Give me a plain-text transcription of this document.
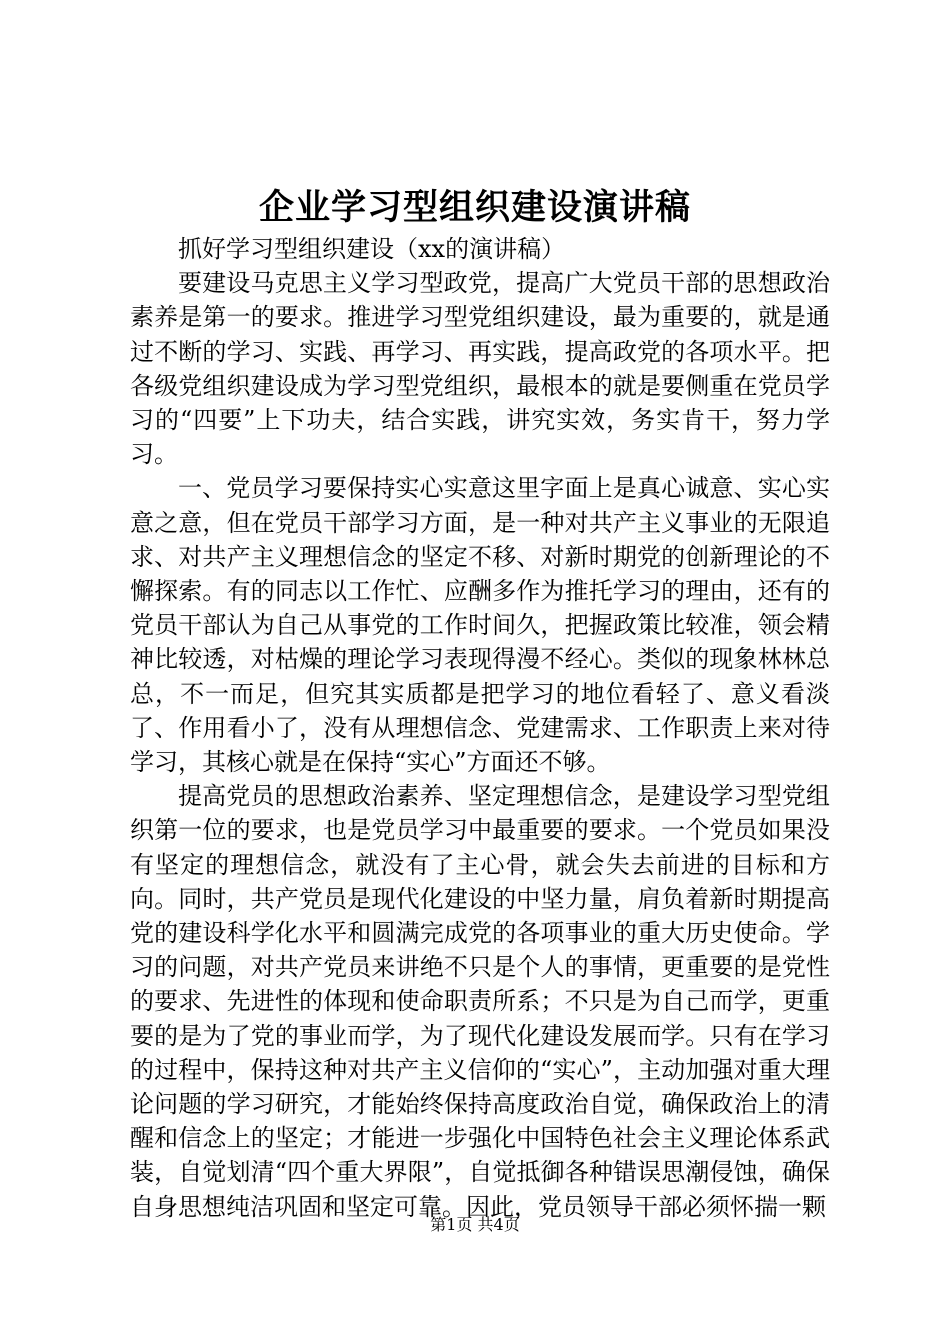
企业学习型组织建设演讲稿

抓好学习型组织建设（xx的演讲稿）

要建设马克思主义学习型政党，提高广大党员干部的思想政治素养是第一的要求。推进学习型党组织建设，最为重要的，就是通过不断的学习、实践、再学习、再实践，提高政党的各项水平。把各级党组织建设成为学习型党组织，最根本的就是要侧重在党员学习的“四要”上下功夫，结合实践，讲究实效，务实肯干，努力学习。

一、党员学习要保持实心实意这里字面上是真心诚意、实心实意之意，但在党员干部学习方面，是一种对共产主义事业的无限追求、对共产主义理想信念的坚定不移、对新时期党的创新理论的不懈探索。有的同志以工作忙、应酬多作为推托学习的理由，还有的党员干部认为自己从事党的工作时间久，把握政策比较准，领会精神比较透，对枯燥的理论学习表现得漫不经心。类似的现象林林总总，不一而足，但究其实质都是把学习的地位看轻了、意义看淡了、作用看小了，没有从理想信念、党建需求、工作职责上来对待学习，其核心就是在保持“实心”方面还不够。

提高党员的思想政治素养、坚定理想信念，是建设学习型党组织第一位的要求，也是党员学习中最重要的要求。一个党员如果没有坚定的理想信念，就没有了主心骨，就会失去前进的目标和方向。同时，共产党员是现代化建设的中坚力量，肩负着新时期提高党的建设科学化水平和圆满完成党的各项事业的重大历史使命。学习的问题，对共产党员来讲绝不只是个人的事情，更重要的是党性的要求、先进性的体现和使命职责所系；不只是为自己而学，更重要的是为了党的事业而学，为了现代化建设发展而学。只有在学习的过程中，保持这种对共产主义信仰的“实心”，主动加强对重大理论问题的学习研究，才能始终保持高度政治自觉，确保政治上的清醒和信念上的坚定；才能进一步强化中国特色社会主义理论体系武装，自觉划清“四个重大界限”，自觉抵御各种错误思潮侵蚀，确保自身思想纯洁巩固和坚定可靠。因此，党员领导干部必须怀揣一颗

第1页 共4页
